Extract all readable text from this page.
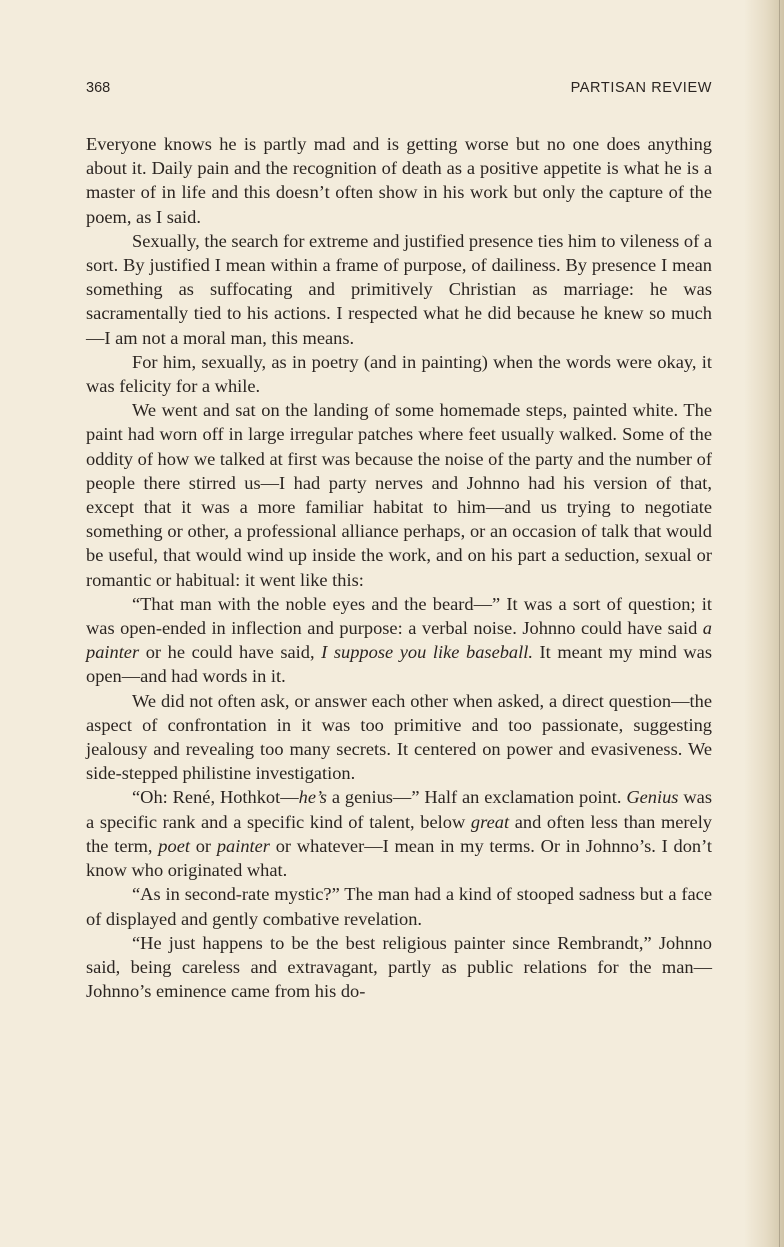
368	PARTISAN REVIEW

Everyone knows he is partly mad and is getting worse but no one does anything about it. Daily pain and the recognition of death as a positive appetite is what he is a master of in life and this doesn’t often show in his work but only the capture of the poem, as I said.

Sexually, the search for extreme and justified presence ties him to vileness of a sort. By justified I mean within a frame of purpose, of dailiness. By presence I mean something as suffocating and primitively Christian as marriage: he was sacramentally tied to his actions. I respected what he did because he knew so much—I am not a moral man, this means.

For him, sexually, as in poetry (and in painting) when the words were okay, it was felicity for a while.

We went and sat on the landing of some homemade steps, painted white. The paint had worn off in large irregular patches where feet usually walked. Some of the oddity of how we talked at first was because the noise of the party and the number of people there stirred us—I had party nerves and Johnno had his version of that, except that it was a more familiar habitat to him—and us trying to negotiate something or other, a professional alliance perhaps, or an occasion of talk that would be useful, that would wind up inside the work, and on his part a seduction, sexual or romantic or habitual: it went like this:

“That man with the noble eyes and the beard—” It was a sort of question; it was open-ended in inflection and purpose: a verbal noise. Johnno could have said a painter or he could have said, I suppose you like baseball. It meant my mind was open—and had words in it.

We did not often ask, or answer each other when asked, a direct question—the aspect of confrontation in it was too primitive and too passionate, suggesting jealousy and revealing too many secrets. It centered on power and evasiveness. We side-stepped philistine investigation.

“Oh: René, Hothkot—he’s a genius—” Half an exclamation point. Genius was a specific rank and a specific kind of talent, below great and often less than merely the term, poet or painter or whatever—I mean in my terms. Or in Johnno’s. I don’t know who originated what.

“As in second-rate mystic?” The man had a kind of stooped sadness but a face of displayed and gently combative revelation.

“He just happens to be the best religious painter since Rembrandt,” Johnno said, being careless and extravagant, partly as public relations for the man—Johnno’s eminence came from his do-
